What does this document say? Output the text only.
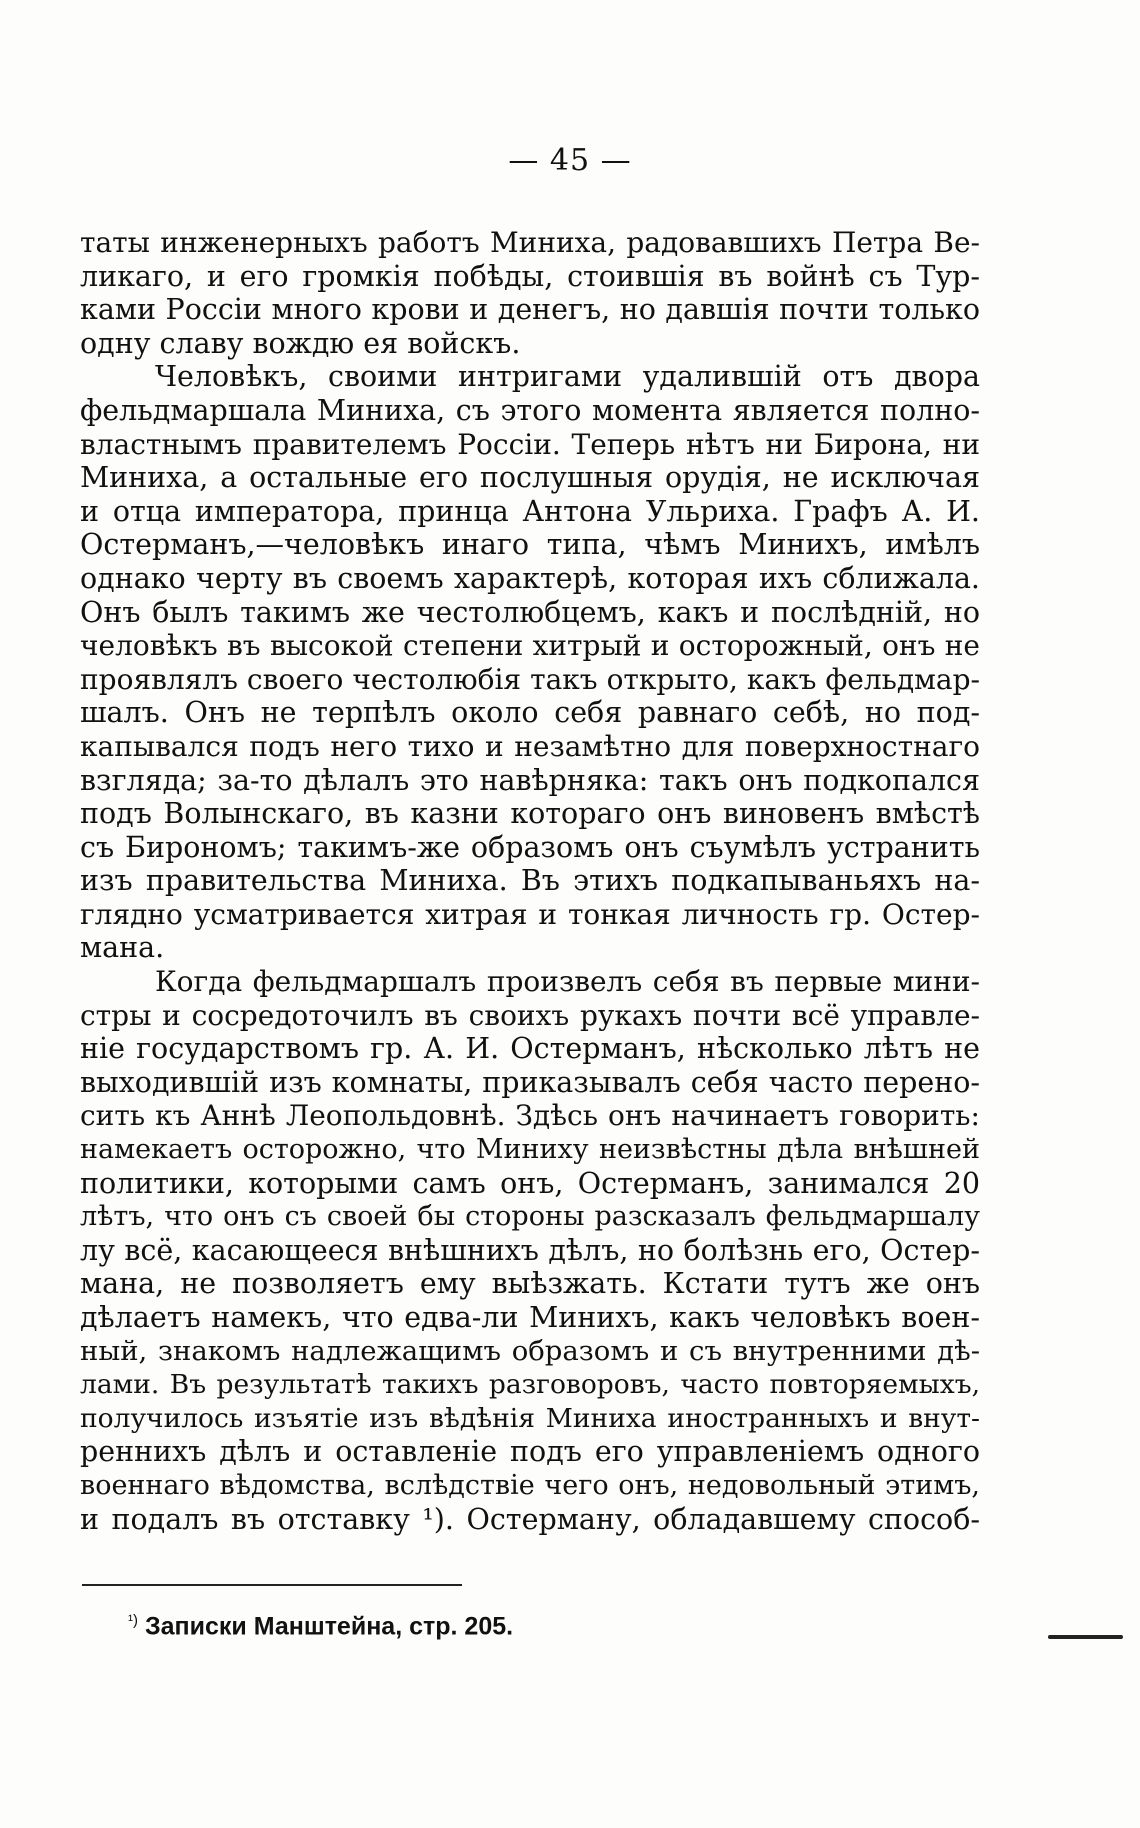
— 45 —
таты инженерныхъ работъ Миниха, радовавшихъ Петра Ве-
ликаго, и его громкія побѣды, стоившія въ войнѣ съ Тур-
ками Россіи много крови и денегъ, но давшія почти только
одну славу вождю ея войскъ.
Человѣкъ, своими интригами удалившій отъ двора
фельдмаршала Миниха, съ этого момента является полно-
властнымъ правителемъ Россіи. Теперь нѣтъ ни Бирона, ни
Миниха, а остальные его послушныя орудія, не исключая
и отца императора, принца Антона Ульриха. Графъ А. И.
Остерманъ,—человѣкъ инаго типа, чѣмъ Минихъ, имѣлъ
однако черту въ своемъ характерѣ, которая ихъ сближала.
Онъ былъ такимъ же честолюбцемъ, какъ и послѣдній, но
человѣкъ въ высокой степени хитрый и осторожный, онъ не
проявлялъ своего честолюбія такъ открыто, какъ фельдмар-
шалъ. Онъ не терпѣлъ около себя равнаго себѣ, но под-
капывался подъ него тихо и незамѣтно для поверхностнаго
взгляда; за-то дѣлалъ это навѣрняка: такъ онъ подкопался
подъ Волынскаго, въ казни котораго онъ виновенъ вмѣстѣ
съ Бирономъ; такимъ-же образомъ онъ съумѣлъ устранить
изъ правительства Миниха. Въ этихъ подкапываньяхъ на-
глядно усматривается хитрая и тонкая личность гр. Остер-
мана.
Когда фельдмаршалъ произвелъ себя въ первые мини-
стры и сосредоточилъ въ своихъ рукахъ почти всё управле-
ніе государствомъ гр. А. И. Остерманъ, нѣсколько лѣтъ не
выходившій изъ комнаты, приказывалъ себя часто перено-
сить къ Аннѣ Леопольдовнѣ. Здѣсь онъ начинаетъ говорить:
намекаетъ осторожно, что Миниху неизвѣстны дѣла внѣшней
политики, которыми самъ онъ, Остерманъ, занимался 20
лѣтъ, что онъ съ своей бы стороны разсказалъ фельдмаршалу
лу всё, касающееся внѣшнихъ дѣлъ, но болѣзнь его, Остер-
мана, не позволяетъ ему выѣзжать. Кстати тутъ же онъ
дѣлаетъ намекъ, что едва-ли Минихъ, какъ человѣкъ воен-
ный, знакомъ надлежащимъ образомъ и съ внутренними дѣ-
лами. Въ результатѣ такихъ разговоровъ, часто повторяемыхъ,
получилось изъятіе изъ вѣдѣнія Миниха иностранныхъ и внут-
реннихъ дѣлъ и оставленіе подъ его управленіемъ одного
военнаго вѣдомства, вслѣдствіе чего онъ, недовольный этимъ,
и подалъ въ отставку ¹). Остерману, обладавшему способ-
$^{^1)}$ Записки Манштейна, стр. 205.
